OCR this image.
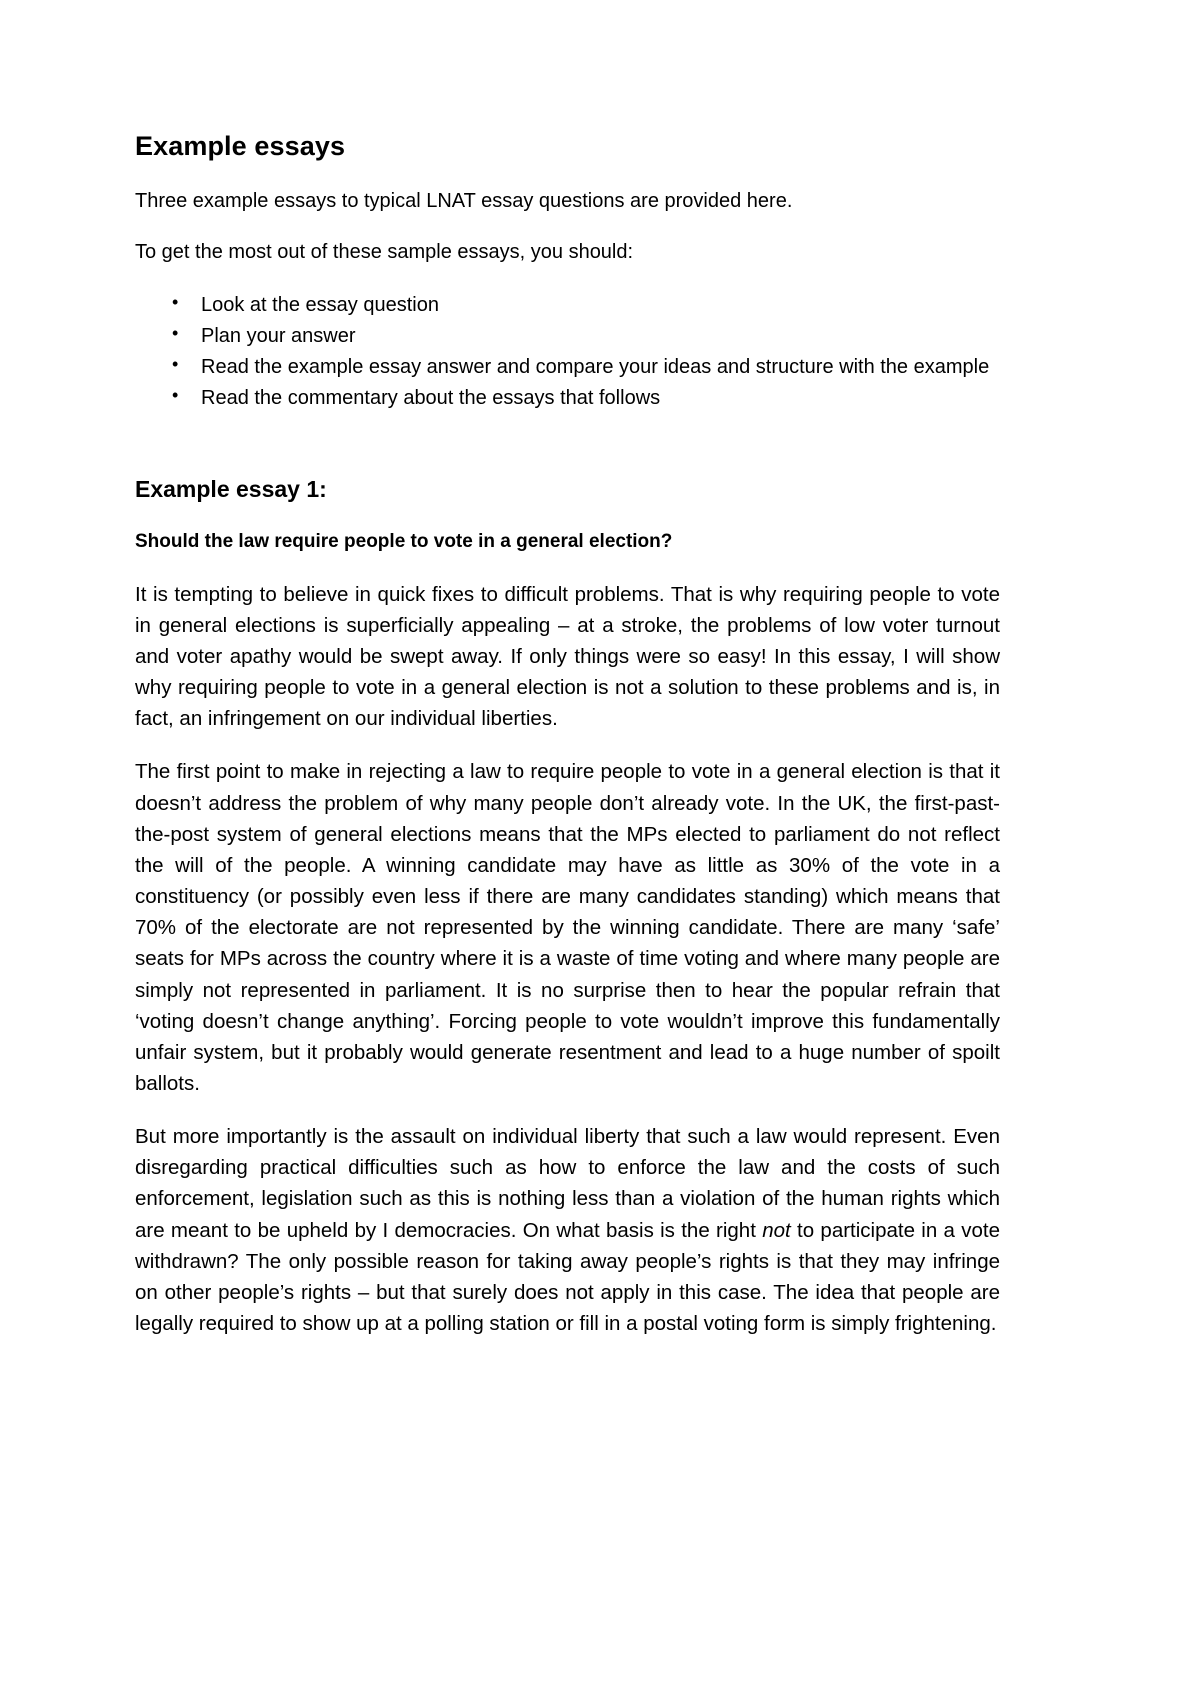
Example essays

Three example essays to typical LNAT essay questions are provided here.

To get the most out of these sample essays, you should:

• Look at the essay question
• Plan your answer
• Read the example essay answer and compare your ideas and structure with the example
• Read the commentary about the essays that follows
Example essay 1:
Should the law require people to vote in a general election?

It is tempting to believe in quick fixes to difficult problems. That is why requiring people to vote in general elections is superficially appealing – at a stroke, the problems of low voter turnout and voter apathy would be swept away. If only things were so easy! In this essay, I will show why requiring people to vote in a general election is not a solution to these problems and is, in fact, an infringement on our individual liberties.

The first point to make in rejecting a law to require people to vote in a general election is that it doesn’t address the problem of why many people don’t already vote. In the UK, the first-past-the-post system of general elections means that the MPs elected to parliament do not reflect the will of the people. A winning candidate may have as little as 30% of the vote in a constituency (or possibly even less if there are many candidates standing) which means that 70% of the electorate are not represented by the winning candidate. There are many ‘safe’ seats for MPs across the country where it is a waste of time voting and where many people are simply not represented in parliament. It is no surprise then to hear the popular refrain that ‘voting doesn’t change anything’. Forcing people to vote wouldn’t improve this fundamentally unfair system, but it probably would generate resentment and lead to a huge number of spoilt ballots.

But more importantly is the assault on individual liberty that such a law would represent. Even disregarding practical difficulties such as how to enforce the law and the costs of such enforcement, legislation such as this is nothing less than a violation of the human rights which are meant to be upheld by I democracies. On what basis is the right not to participate in a vote withdrawn? The only possible reason for taking away people’s rights is that they may infringe on other people’s rights – but that surely does not apply in this case. The idea that people are legally required to show up at a polling station or fill in a postal voting form is simply frightening.
